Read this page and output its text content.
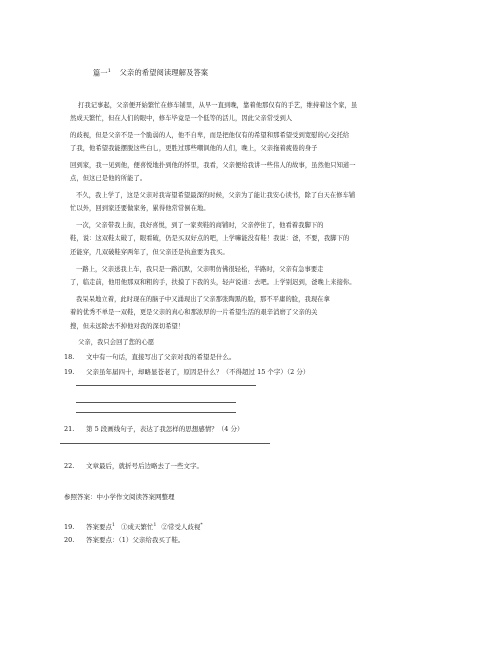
篇一$^1$ 父亲的希望阅读理解及答案
打我记事起，父亲便开始繁忙在修车铺里，从早一直到晚，靠着他那仅有的手艺，维持着这个家，虽
然成天繁忙，但在人们的眼中，修车毕竟是一个低等的活儿，因此父亲常受到人
的歧视，但是父亲不是一个脆弱的人，他不自卑，而是把他仅有的希望和那希望受到宽慰的心交托给
了我，他希望我能摆脱这些白乚，更胜过那些嘲讽他的人们，晚上，父亲拖着疲倦的身子
回到家，我一见到他，便喜悦地扑到他的怀里，我看，父亲便给我讲一些伟人的故事，虽然他只知道一
点，但这已是他的所能了。
不久，我上学了，这是父亲对我寄望希望最深的时候，父亲为了能让我安心读书，除了白天在修车铺
忙以外，回到家还要做家务，累得他常常倒在地。
一次，父亲带我上街，我好喜悦，到了一家卖鞋的商铺时，父亲停住了，他看着我脚下的
鞋，说：这双鞋太破了，眼看破，仍是买双好点的吧，上学嘛能没有鞋！我说：爸，不要，我脚下的
还能穿，几双破鞋穿两年了，但父亲还是执意要为我买。
一路上，父亲送我上车，我只是一路沉默，父亲明仿佛很轻松，半路时，父亲有急事要走
了，临走前，他用他那双和粗的手，扶摸了下我的头，轻声说道：去吧。上学别迟到，爸晚上来接你。
我呆呆地立着，此时现在的脑子中又涌现出了父亲那张陶黑的脸，那不平庸的脸，我现在拿
着的优秀不单是一双鞋，更是父亲的真心和那浓厚的一片希望生活的艰辛消磨了父亲的关
搜，但未远除去不掉他对我的深切希望！
父亲，我只会回了您的心愿
18. 文中有一句话，直接写出了父亲对我的希望是什么。
19. 父亲虽年届四十，却略显苍老了，原因是什么？（不得超过 15 个字）（2 分）
21. 第 5 段画线句子，表达了我怎样的思想感情？（4 分）
22. 文章最后，就折号后边略去了一些文字。
参照答案：中小学作文阅读答案网整理
19. 答案要点$^1$ ①成天繁忙$^1$ ②常受人歧视*
20. 答案要点：（1）父亲给我买了鞋。
